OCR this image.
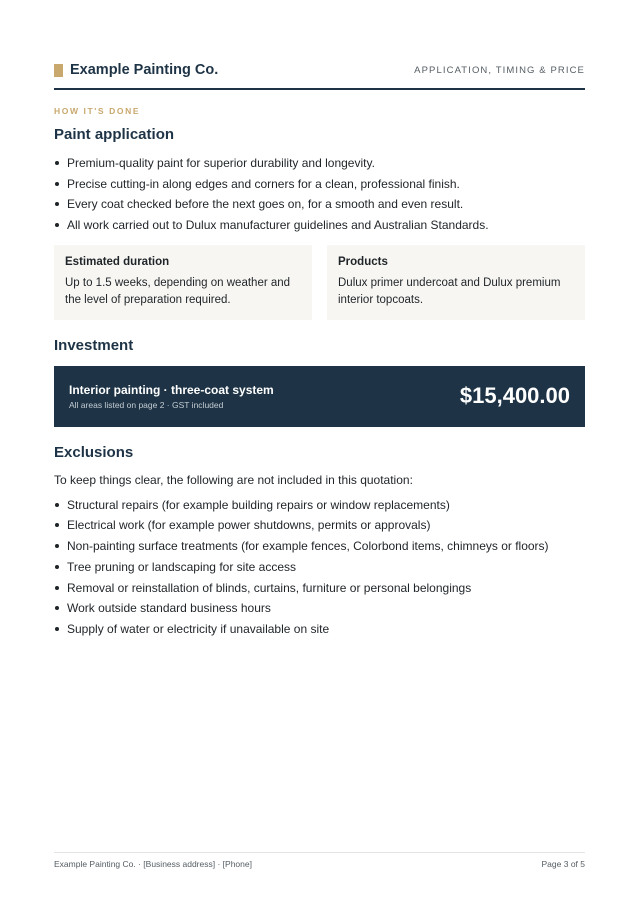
Example Painting Co.	APPLICATION, TIMING & PRICE
HOW IT'S DONE
Paint application
Premium-quality paint for superior durability and longevity.
Precise cutting-in along edges and corners for a clean, professional finish.
Every coat checked before the next goes on, for a smooth and even result.
All work carried out to Dulux manufacturer guidelines and Australian Standards.
Estimated duration
Up to 1.5 weeks, depending on weather and
the level of preparation required.
Products
Dulux primer undercoat and Dulux premium
interior topcoats.
Investment
Interior painting · three-coat system
All areas listed on page 2 · GST included	$15,400.00
Exclusions
To keep things clear, the following are not included in this quotation:
Structural repairs (for example building repairs or window replacements)
Electrical work (for example power shutdowns, permits or approvals)
Non-painting surface treatments (for example fences, Colorbond items, chimneys or floors)
Tree pruning or landscaping for site access
Removal or reinstallation of blinds, curtains, furniture or personal belongings
Work outside standard business hours
Supply of water or electricity if unavailable on site
Example Painting Co. · [Business address] · [Phone]	Page 3 of 5
